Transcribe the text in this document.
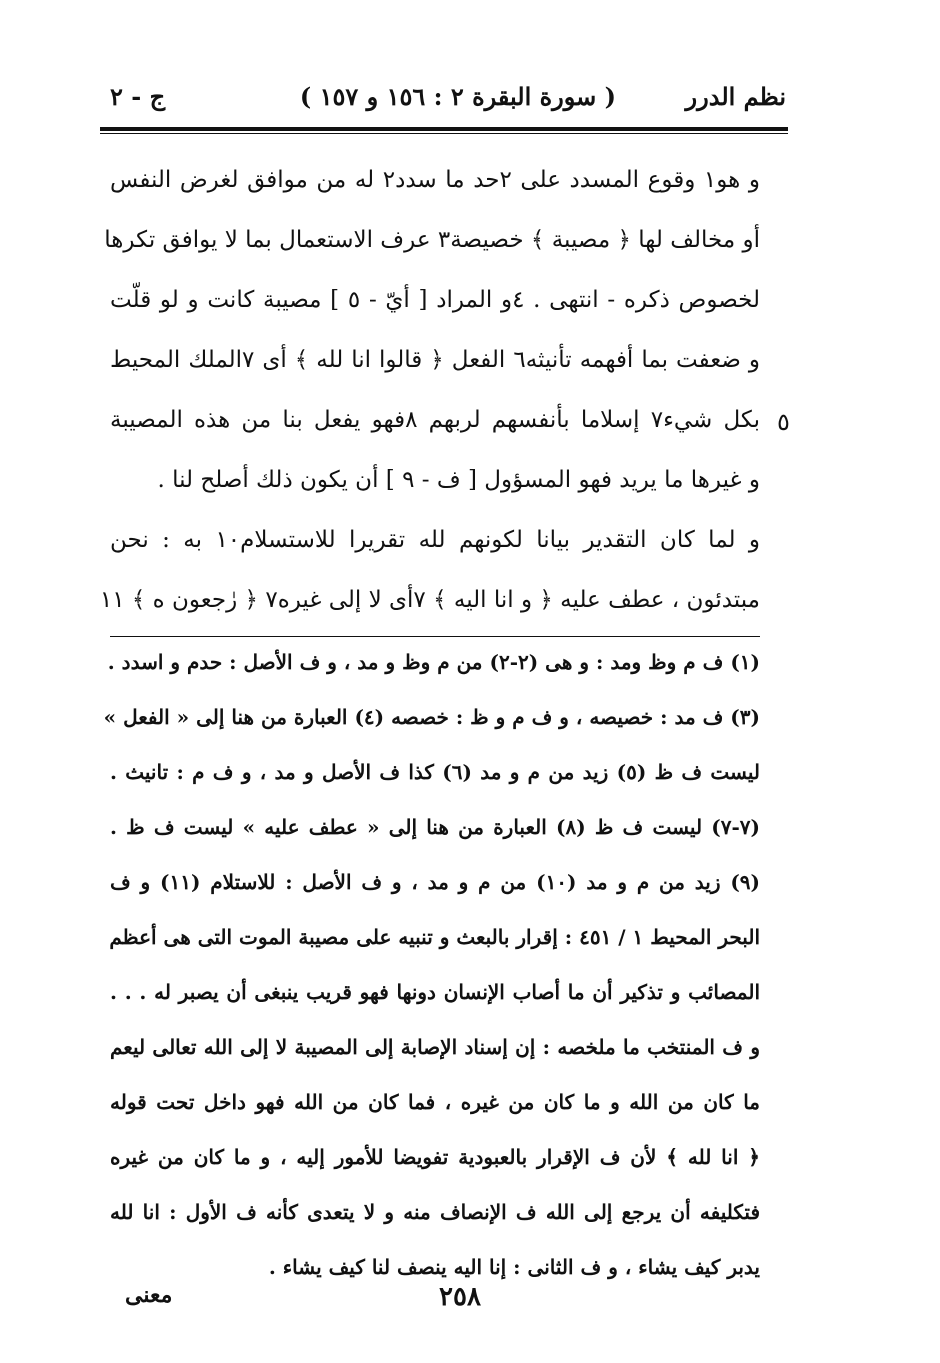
نظم الدرر
( سورة البقرة ٢ : ١٥٦ و ١٥٧ )
ج - ٢
و هو١ وقوع المسدد على ٢حد ما سدد٢ له من موافق لغرض النفس
أو مخالف لها ﴿ مصيبة ﴾ خصيصة٣ عرف الاستعمال بما لا يوافق تكرها
لخصوص ذكره - انتهى . ٤و المراد [ أيّ - ٥ ] مصيبة كانت و لو قلّت
و ضعفت بما أفهمه تأنيثه٦ الفعل ﴿ قالوا انا لله ﴾ أى ٧الملك المحيط
بكل شيء٧ إسلاما بأنفسهم لربهم ٨فهو يفعل بنا من هذه المصيبة
و غيرها ما يريد فهو المسؤول [ ف - ٩ ] أن يكون ذلك أصلح لنا .
و لما كان التقدير بيانا لكونهم لله تقريرا للاستسلام١٠ به : نحن
مبتدئون ، عطف عليه ﴿ و انا اليه ﴾ ٧أى لا إلى غيره٧ ﴿ رٰجعون ه ﴾ ١١
٥
(١) ف م وظ ومد : و هى (٢-٢) من م وظ و مد ، و ف الأصل : حدم و اسدد .
(٣) ف مد : خصيصه ، و ف م و ظ : خصصه (٤) العبارة من هنا إلى « الفعل »
ليست ف ظ (٥) زيد من م و مد (٦) كذا ف الأصل و مد ، و ف م : تانيث .
(٧-٧) ليست ف ظ (٨) العبارة من هنا إلى « عطف عليه » ليست ف ظ .
(٩) زيد من م و مد (١٠) من م و مد ، و ف الأصل : للاستلام (١١) و ف
البحر المحيط ١ / ٤٥١ : إقرار بالبعث و تنبيه على مصيبة الموت التى هى أعظم
المصائب و تذكير أن ما أصاب الإنسان دونها فهو قريب ينبغى أن يصبر له . . .
و ف المنتخب ما ملخصه : إن إسناد الإصابة إلى المصيبة لا إلى الله تعالى ليعم
ما كان من الله و ما كان من غيره ، فما كان من الله فهو داخل تحت قوله
﴿ انا لله ﴾ لأن ف الإقرار بالعبودية تفويضا للأمور إليه ، و ما كان من غيره
فتكليفه أن يرجع إلى الله ف الإنصاف منه و لا يتعدى كأنه ف الأول : انا لله
يدبر كيف يشاء ، و ف الثانى : إنا اليه ينصف لنا كيف يشاء .
٢٥٨
معنى
